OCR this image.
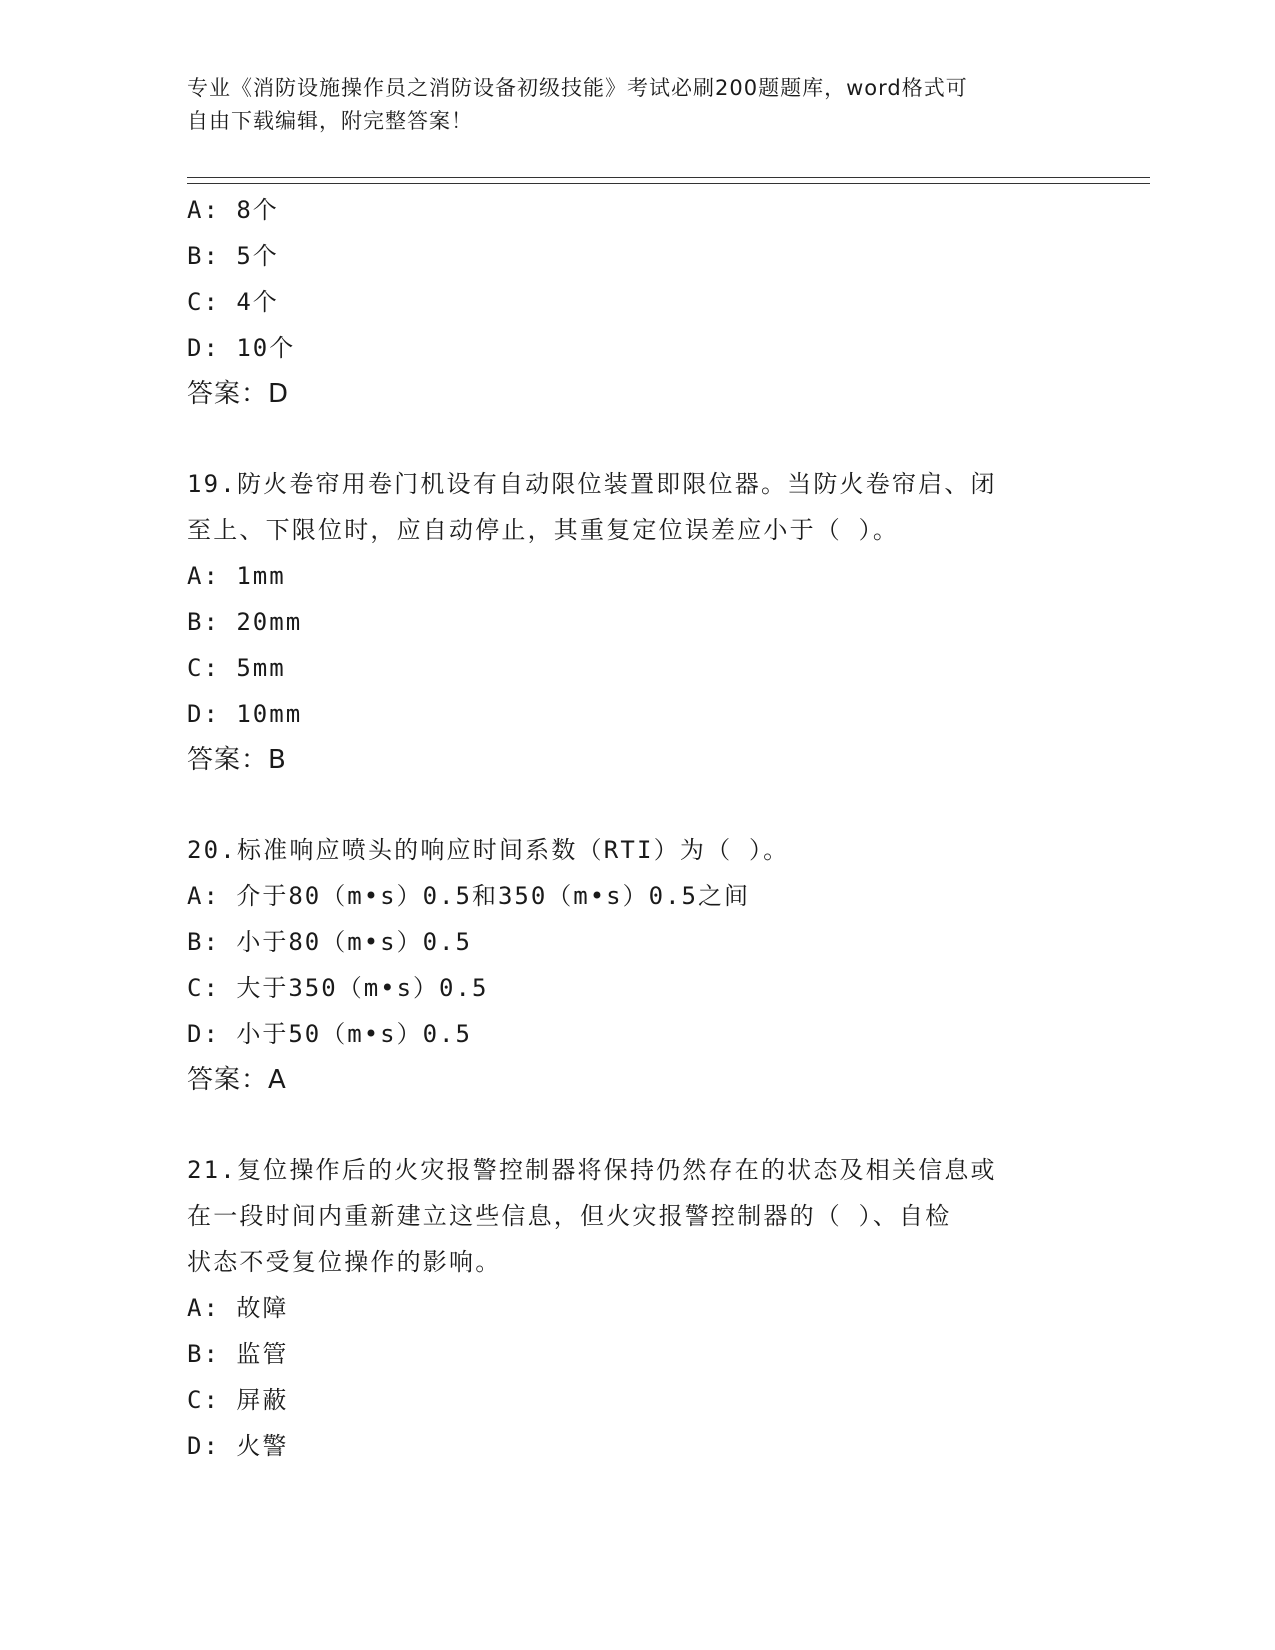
专业《消防设施操作员之消防设备初级技能》考试必刷200题题库，word格式可
自由下载编辑，附完整答案！
A: 8个
B: 5个
C: 4个
D: 10个
答案：D
19.防火卷帘用卷门机设有自动限位装置即限位器。当防火卷帘启、闭
至上、下限位时，应自动停止，其重复定位误差应小于（ ）。
A: 1mm
B: 20mm
C: 5mm
D: 10mm
答案：B
20.标准响应喷头的响应时间系数（RTI）为（ ）。
A: 介于80（m•s）0.5和350（m•s）0.5之间
B: 小于80（m•s）0.5
C: 大于350（m•s）0.5
D: 小于50（m•s）0.5
答案：A
21.复位操作后的火灾报警控制器将保持仍然存在的状态及相关信息或
在一段时间内重新建立这些信息，但火灾报警控制器的（ ）、自检
状态不受复位操作的影响。
A: 故障
B: 监管
C: 屏蔽
D: 火警
